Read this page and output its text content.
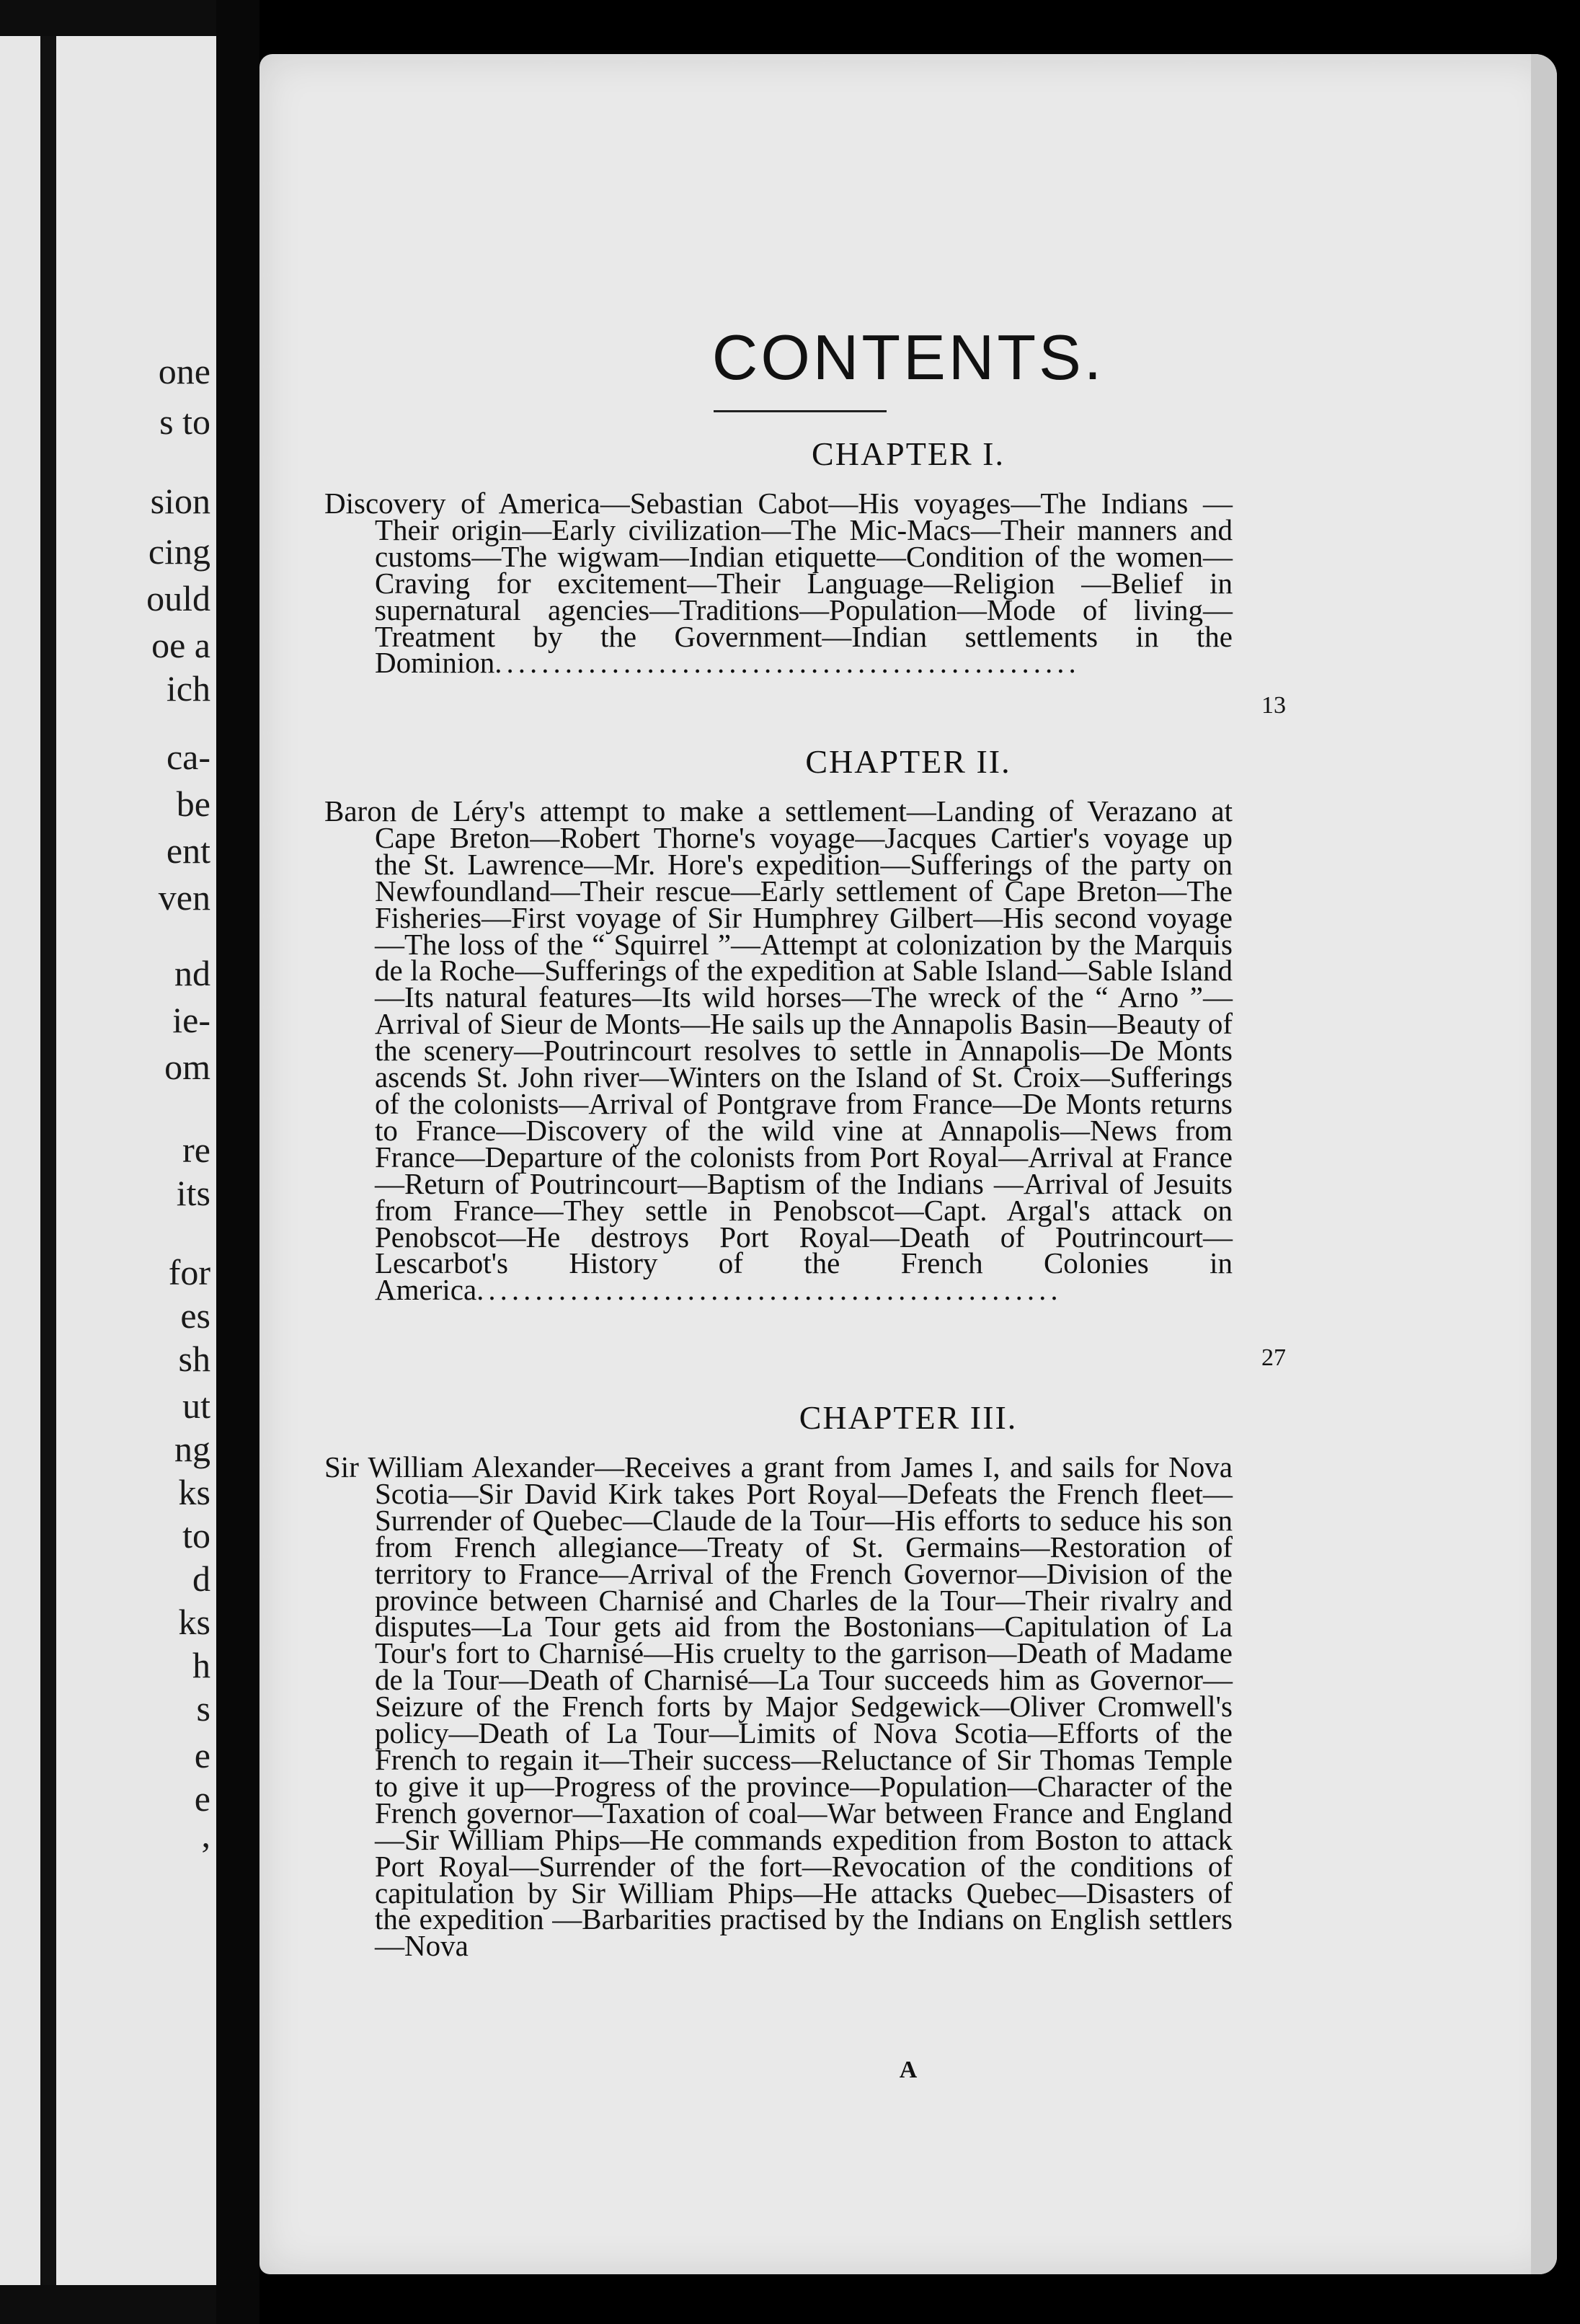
one

s to

sion

cing

ould

oe a

ich

ca-

be

ent

ven

nd

ie-

om

re

its

for

es

sh

ut

ng

ks

to

d

ks

h

s

e

e

,

CONTENTS.
CHAPTER I.

Discovery of America—Sebastian Cabot—His voyages—The Indians —Their origin—Early civilization—The Mic-Macs—Their manners and customs—The wigwam—Indian etiquette—Condition of the women—Craving for excitement—Their Language—Religion —Belief in supernatural agencies—Traditions—Population—Mode of living—Treatment by the Government—Indian settlements in the Dominion..................................................

13

CHAPTER II.

Baron de Léry's attempt to make a settlement—Landing of Verazano at Cape Breton—Robert Thorne's voyage—Jacques Cartier's voyage up the St. Lawrence—Mr. Hore's expedition—Sufferings of the party on Newfoundland—Their rescue—Early settlement of Cape Breton—The Fisheries—First voyage of Sir Humphrey Gilbert—His second voyage—The loss of the “ Squirrel ”—Attempt at colonization by the Marquis de la Roche—Sufferings of the expedition at Sable Island—Sable Island—Its natural features—Its wild horses—The wreck of the “ Arno ”—Arrival of Sieur de Monts—He sails up the Annapolis Basin—Beauty of the scenery—Poutrincourt resolves to settle in Annapolis—De Monts ascends St. John river—Winters on the Island of St. Croix—Sufferings of the colonists—Arrival of Pontgrave from France—De Monts returns to France—Discovery of the wild vine at Annapolis—News from France—Departure of the colonists from Port Royal—Arrival at France—Return of Poutrincourt—Baptism of the Indians —Arrival of Jesuits from France—They settle in Penobscot—Capt. Argal's attack on Penobscot—He destroys Port Royal—Death of Poutrincourt—Lescarbot's History of the French Colonies in America..................................................

27

CHAPTER III.

Sir William Alexander—Receives a grant from James I, and sails for Nova Scotia—Sir David Kirk takes Port Royal—Defeats the French fleet—Surrender of Quebec—Claude de la Tour—His efforts to seduce his son from French allegiance—Treaty of St. Germains—Restoration of territory to France—Arrival of the French Governor—Division of the province between Charnisé and Charles de la Tour—Their rivalry and disputes—La Tour gets aid from the Bostonians—Capitulation of La Tour's fort to Charnisé—His cruelty to the garrison—Death of Madame de la Tour—Death of Charnisé—La Tour succeeds him as Governor—Seizure of the French forts by Major Sedgewick—Oliver Cromwell's policy—Death of La Tour—Limits of Nova Scotia—Efforts of the French to regain it—Their success—Reluctance of Sir Thomas Temple to give it up—Progress of the province—Population—Character of the French governor—Taxation of coal—War between France and England—Sir William Phips—He commands expedition from Boston to attack Port Royal—Surrender of the fort—Revocation of the conditions of capitulation by Sir William Phips—He attacks Quebec—Disasters of the expedition —Barbarities practised by the Indians on English settlers—Nova

A
